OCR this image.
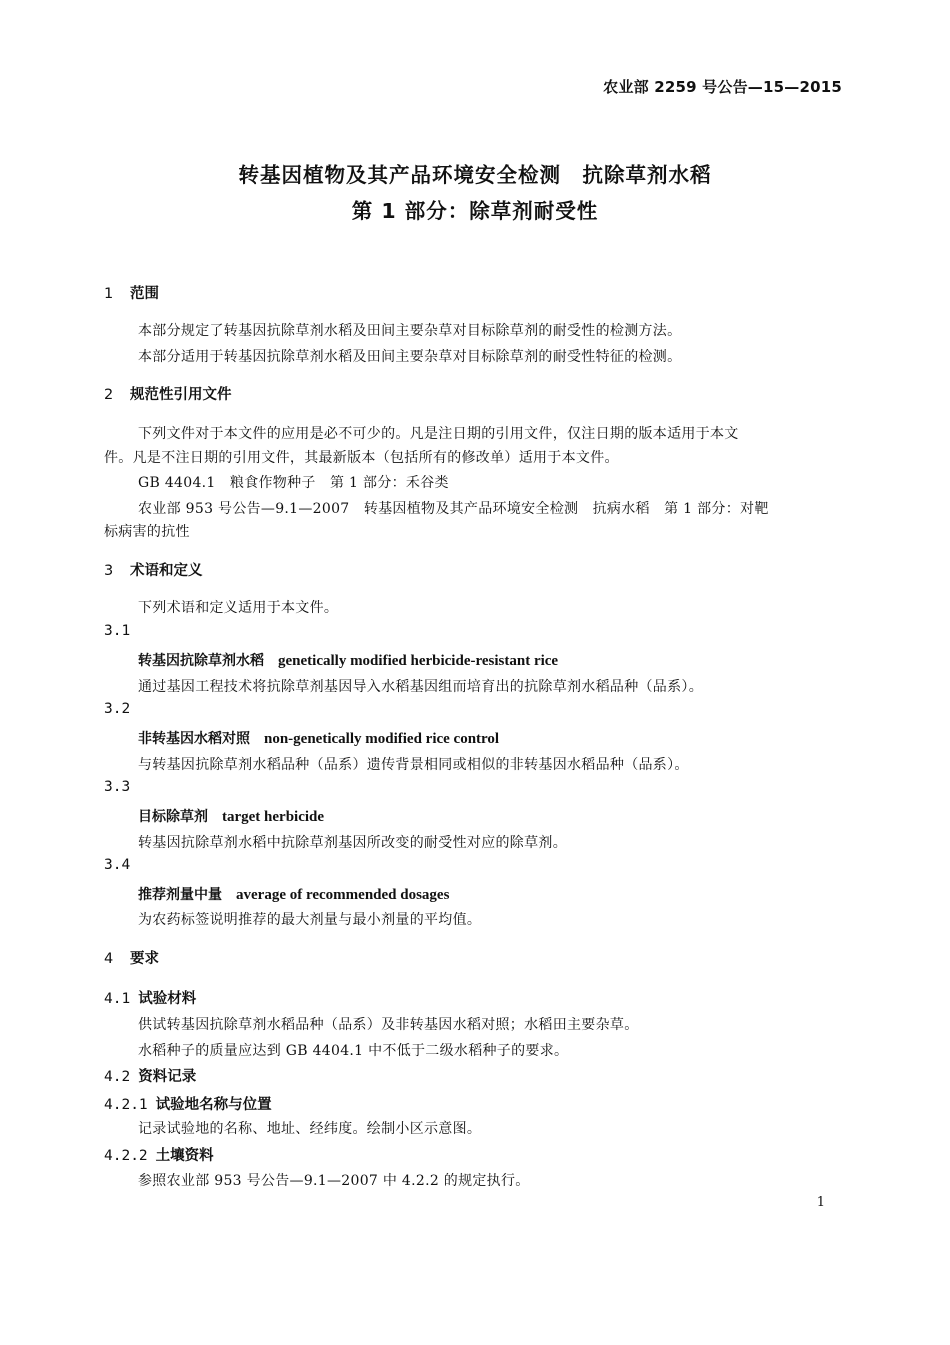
农业部 2259 号公告—15—2015
转基因植物及其产品环境安全检测　抗除草剂水稻
第 1 部分：除草剂耐受性
1 范围
本部分规定了转基因抗除草剂水稻及田间主要杂草对目标除草剂的耐受性的检测方法。
本部分适用于转基因抗除草剂水稻及田间主要杂草对目标除草剂的耐受性特征的检测。
2 规范性引用文件
下列文件对于本文件的应用是必不可少的。凡是注日期的引用文件，仅注日期的版本适用于本文
件。凡是不注日期的引用文件，其最新版本（包括所有的修改单）适用于本文件。
GB 4404.1　粮食作物种子　第 1 部分：禾谷类
农业部 953 号公告—9.1—2007　转基因植物及其产品环境安全检测　抗病水稻　第 1 部分：对靶
标病害的抗性
3 术语和定义
下列术语和定义适用于本文件。
3.1
转基因抗除草剂水稻 genetically modified herbicide-resistant rice
通过基因工程技术将抗除草剂基因导入水稻基因组而培育出的抗除草剂水稻品种（品系）。
3.2
非转基因水稻对照 non-genetically modified rice control
与转基因抗除草剂水稻品种（品系）遗传背景相同或相似的非转基因水稻品种（品系）。
3.3
目标除草剂 target herbicide
转基因抗除草剂水稻中抗除草剂基因所改变的耐受性对应的除草剂。
3.4
推荐剂量中量 average of recommended dosages
为农药标签说明推荐的最大剂量与最小剂量的平均值。
4 要求
4.1 试验材料
供试转基因抗除草剂水稻品种（品系）及非转基因水稻对照；水稻田主要杂草。
水稻种子的质量应达到 GB 4404.1 中不低于二级水稻种子的要求。
4.2 资料记录
4.2.1 试验地名称与位置
记录试验地的名称、地址、经纬度。绘制小区示意图。
4.2.2 土壤资料
参照农业部 953 号公告—9.1—2007 中 4.2.2 的规定执行。
1
